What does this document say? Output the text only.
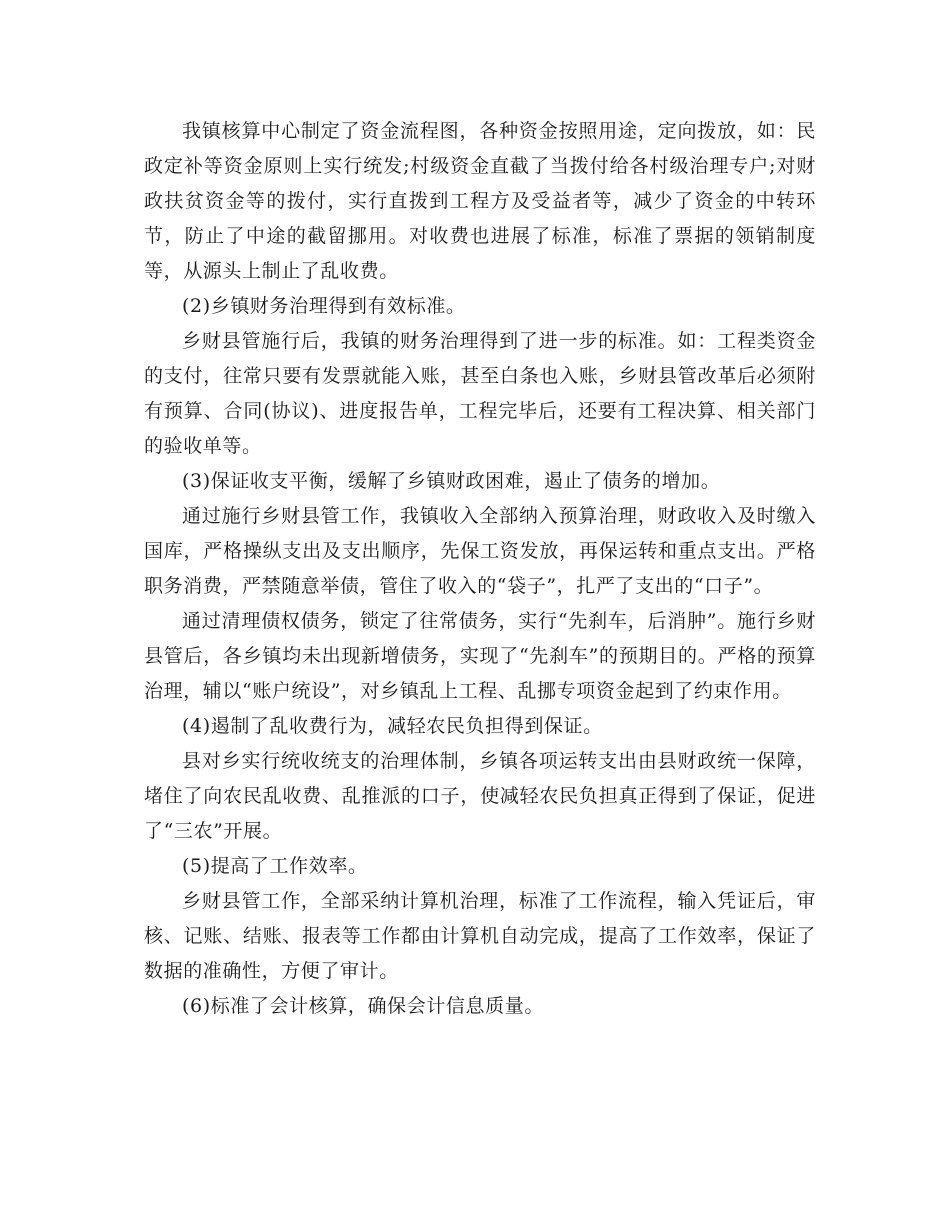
我镇核算中心制定了资金流程图，各种资金按照用途，定向拨放，如：民政定补等资金原则上实行统发;村级资金直截了当拨付给各村级治理专户;对财政扶贫资金等的拨付，实行直拨到工程方及受益者等，减少了资金的中转环节，防止了中途的截留挪用。对收费也进展了标准，标准了票据的领销制度等，从源头上制止了乱收费。

(2)乡镇财务治理得到有效标准。

乡财县管施行后，我镇的财务治理得到了进一步的标准。如：工程类资金的支付，往常只要有发票就能入账，甚至白条也入账，乡财县管改革后必须附有预算、合同(协议)、进度报告单，工程完毕后，还要有工程决算、相关部门的验收单等。

(3)保证收支平衡，缓解了乡镇财政困难，遏止了债务的增加。

通过施行乡财县管工作，我镇收入全部纳入预算治理，财政收入及时缴入国库，严格操纵支出及支出顺序，先保工资发放，再保运转和重点支出。严格职务消费，严禁随意举债，管住了收入的“袋子”，扎严了支出的“口子”。

通过清理债权债务，锁定了往常债务，实行“先刹车，后消肿”。施行乡财县管后，各乡镇均未出现新增债务，实现了“先刹车”的预期目的。严格的预算治理，辅以“账户统设”，对乡镇乱上工程、乱挪专项资金起到了约束作用。

(4)遏制了乱收费行为，减轻农民负担得到保证。

县对乡实行统收统支的治理体制，乡镇各项运转支出由县财政统一保障，堵住了向农民乱收费、乱推派的口子，使减轻农民负担真正得到了保证，促进了“三农”开展。

(5)提高了工作效率。

乡财县管工作，全部采纳计算机治理，标准了工作流程，输入凭证后，审核、记账、结账、报表等工作都由计算机自动完成，提高了工作效率，保证了数据的准确性，方便了审计。

(6)标准了会计核算，确保会计信息质量。
